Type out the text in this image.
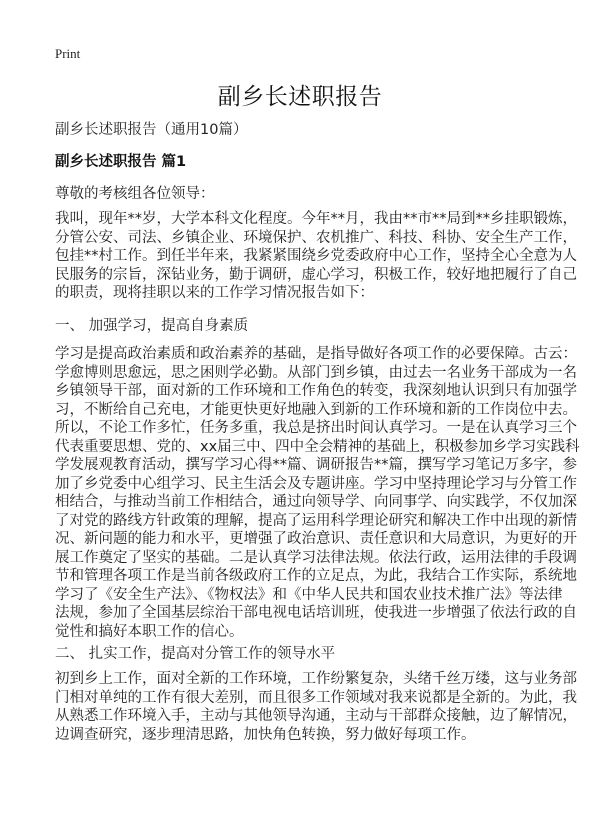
Print
副乡长述职报告
副乡长述职报告（通用10篇）
副乡长述职报告 篇1
尊敬的考核组各位领导：
我叫，现年**岁，大学本科文化程度。今年**月，我由**市**局到**乡挂职锻炼，
分管公安、司法、乡镇企业、环境保护、农机推广、科技、科协、安全生产工作，
包挂**村工作。到任半年来，我紧紧围绕乡党委政府中心工作，坚持全心全意为人
民服务的宗旨，深钻业务，勤于调研，虚心学习，积极工作，较好地把履行了自己
的职责，现将挂职以来的工作学习情况报告如下：
一、 加强学习，提高自身素质
学习是提高政治素质和政治素养的基础，是指导做好各项工作的必要保障。古云：
学愈博则思愈远，思之困则学必勤。从部门到乡镇，由过去一名业务干部成为一名
乡镇领导干部，面对新的工作环境和工作角色的转变，我深刻地认识到只有加强学
习，不断给自己充电，才能更快更好地融入到新的工作环境和新的工作岗位中去。
所以，不论工作多忙，任务多重，我总是挤出时间认真学习。一是在认真学习三个
代表重要思想、党的、xx届三中、四中全会精神的基础上，积极参加乡学习实践科
学发展观教育活动，撰写学习心得**篇、调研报告**篇，撰写学习笔记万多字，参
加了乡党委中心组学习、民主生活会及专题讲座。学习中坚持理论学习与分管工作
相结合，与推动当前工作相结合，通过向领导学、向同事学、向实践学，不仅加深
了对党的路线方针政策的理解，提高了运用科学理论研究和解决工作中出现的新情
况、新问题的能力和水平，更增强了政治意识、责任意识和大局意识，为更好的开
展工作奠定了坚实的基础。二是认真学习法律法规。依法行政，运用法律的手段调
节和管理各项工作是当前各级政府工作的立足点，为此，我结合工作实际，系统地
学习了《安全生产法》、《物权法》和《中华人民共和国农业技术推广法》等法律
法规，参加了全国基层综治干部电视电话培训班，使我进一步增强了依法行政的自
觉性和搞好本职工作的信心。
二、 扎实工作，提高对分管工作的领导水平
初到乡上工作，面对全新的工作环境，工作纷繁复杂，头绪千丝万缕，这与业务部
门相对单纯的工作有很大差别，而且很多工作领域对我来说都是全新的。为此，我
从熟悉工作环境入手，主动与其他领导沟通，主动与干部群众接触，边了解情况，
边调查研究，逐步理清思路，加快角色转换，努力做好每项工作。
